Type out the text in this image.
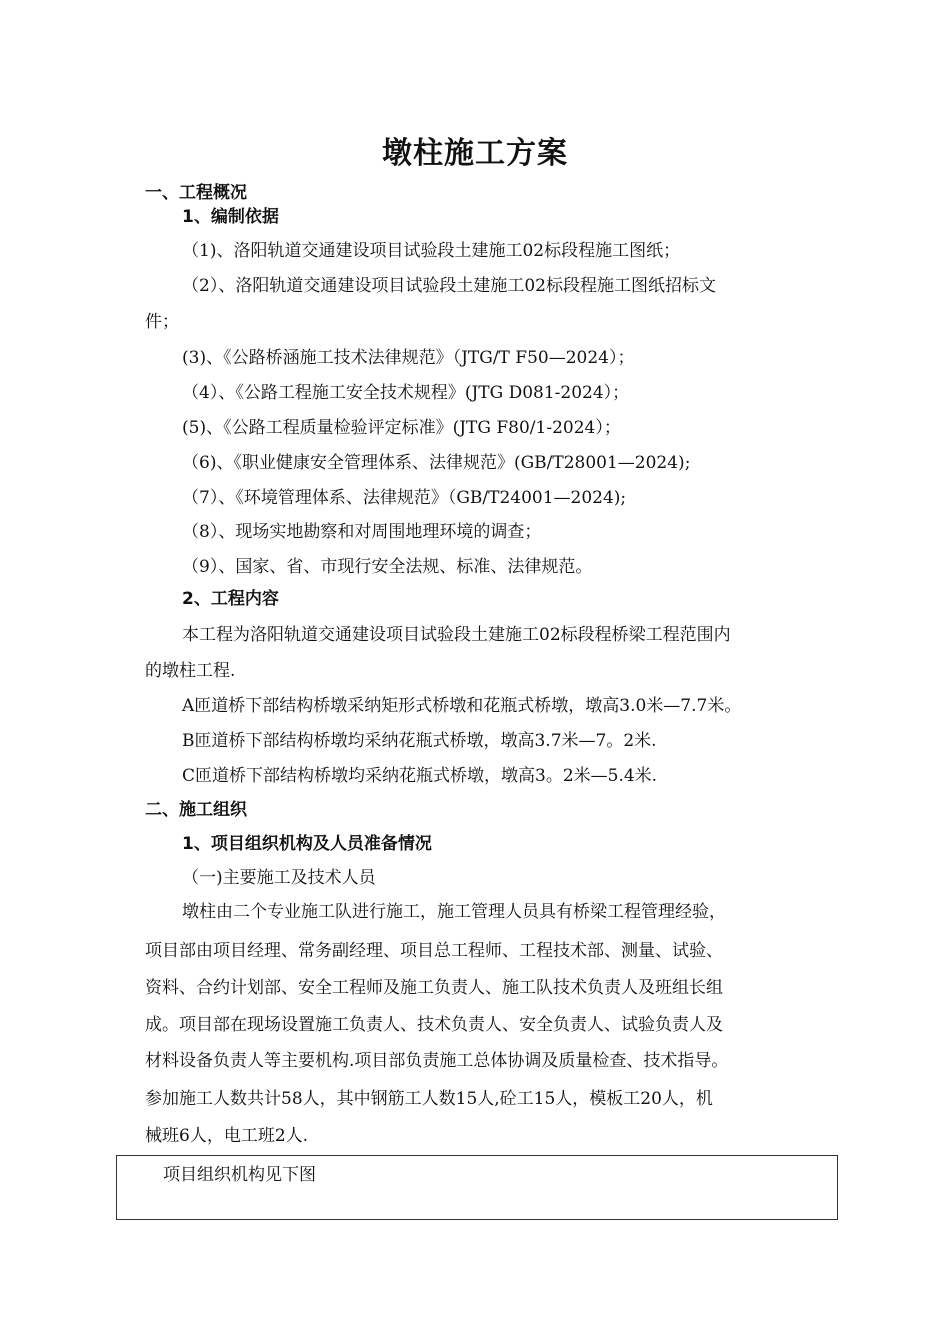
墩柱施工方案
一、工程概况
1、编制依据
（1)、洛阳轨道交通建设项目试验段土建施工02标段程施工图纸；
（2）、洛阳轨道交通建设项目试验段土建施工02标段程施工图纸招标文
件；
(3)、《公路桥涵施工技术法律规范》（JTG/T F50—2024）；
（4）、《公路工程施工安全技术规程》(JTG D081-2024）；
(5)、《公路工程质量检验评定标准》(JTG F80/1-2024）；
（6)、《职业健康安全管理体系、法律规范》(GB/T28001—2024);
（7）、《环境管理体系、法律规范》（GB/T24001—2024);
（8）、现场实地勘察和对周围地理环境的调查；
（9）、国家、省、市现行安全法规、标准、法律规范。
2、工程内容
本工程为洛阳轨道交通建设项目试验段土建施工02标段程桥梁工程范围内
的墩柱工程.
A匝道桥下部结构桥墩采纳矩形式桥墩和花瓶式桥墩，墩高3.0米—7.7米。
B匝道桥下部结构桥墩均采纳花瓶式桥墩，墩高3.7米—7。2米.
C匝道桥下部结构桥墩均采纳花瓶式桥墩，墩高3。2米—5.4米.
二、施工组织
1、项目组织机构及人员准备情况
（一)主要施工及技术人员
墩柱由二个专业施工队进行施工，施工管理人员具有桥梁工程管理经验，
项目部由项目经理、常务副经理、项目总工程师、工程技术部、测量、试验、
资料、合约计划部、安全工程师及施工负责人、施工队技术负责人及班组长组
成。项目部在现场设置施工负责人、技术负责人、安全负责人、试验负责人及
材料设备负责人等主要机构.项目部负责施工总体协调及质量检查、技术指导。
参加施工人数共计58人，其中钢筋工人数15人,砼工15人，模板工20人，机
械班6人，电工班2人.
项目组织机构见下图
